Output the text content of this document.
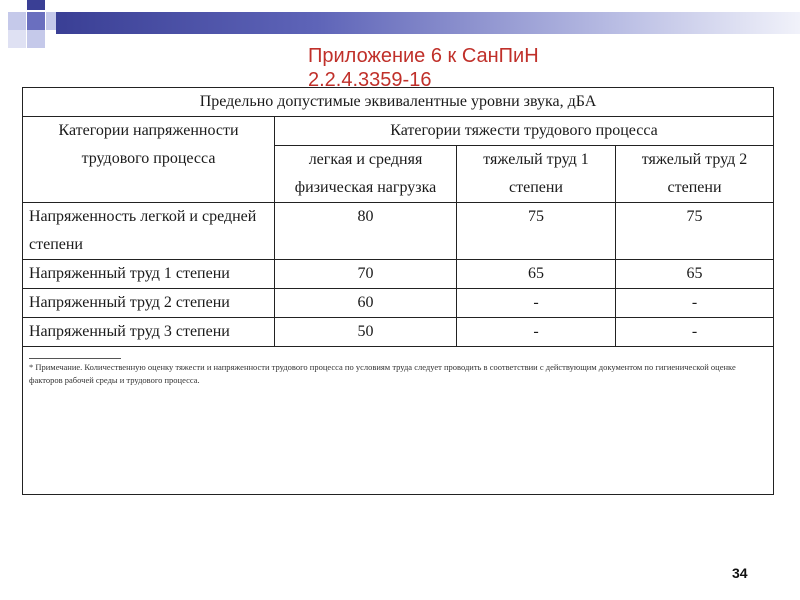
Приложение 6 к СанПиН
2.2.4.3359-16
Предельно допустимые эквивалентные уровни звука, дБА			
Категории напряженности трудового процесса	Категории тяжести трудового процесса		
	легкая и средняя физическая нагрузка	тяжелый труд 1 степени	тяжелый труд 2 степени
Напряженность легкой и средней степени	80	75	75
Напряженный труд 1 степени	70	65	65
Напряженный труд 2 степени	60	-	-
Напряженный труд 3 степени	50	-	-

* Примечание. Количественную оценку тяжести и напряженности трудового процесса по условиям труда следует проводить в соответствии с действующим документом по гигиенической оценке факторов рабочей среды и трудового процесса.			
34
